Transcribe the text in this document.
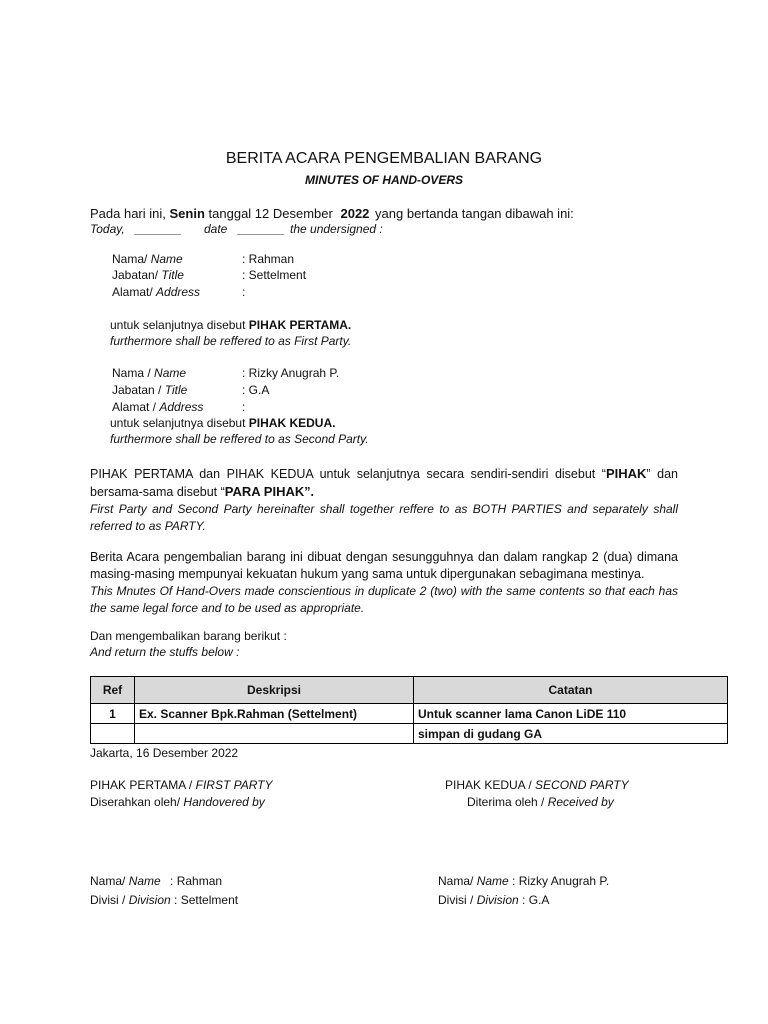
BERITA ACARA PENGEMBALIAN BARANG
MINUTES OF HAND-OVERS
Pada hari ini, Senin tanggal 12 Desember 2022 yang bertanda tangan dibawah ini:
Today, _______ date _______ the undersigned :
Nama/ Name	: Rahman
Jabatan/ Title	: Settelment
Alamat/ Address	:
untuk selanjutnya disebut PIHAK PERTAMA.
furthermore shall be reffered to as First Party.
Nama / Name	: Rizky Anugrah P.
Jabatan / Title	: G.A
Alamat / Address	:
untuk selanjutnya disebut PIHAK KEDUA.
furthermore shall be reffered to as Second Party.
PIHAK PERTAMA dan PIHAK KEDUA untuk selanjutnya secara sendiri-sendiri disebut “PIHAK” dan bersama-sama disebut “PARA PIHAK”.
First Party and Second Party hereinafter shall together reffere to as BOTH PARTIES and separately shall referred to as PARTY.
Berita Acara pengembalian barang ini dibuat dengan sesungguhnya dan dalam rangkap 2 (dua) dimana masing-masing mempunyai kekuatan hukum yang sama untuk dipergunakan sebagimana mestinya.
This Mnutes Of Hand-Overs made conscientious in duplicate 2 (two) with the same contents so that each has the same legal force and to be used as appropriate.
Dan mengembalikan barang berikut :
And return the stuffs below :
Ref	Deskripsi	Catatan
1	Ex. Scanner Bpk.Rahman (Settelment)	Untuk scanner lama Canon LiDE 110
		simpan di gudang GA
Jakarta, 16 Desember 2022
PIHAK PERTAMA / FIRST PARTY
Diserahkan oleh/ Handovered by
Nama/ Name : Rahman
Divisi / Division : Settelment
PIHAK KEDUA / SECOND PARTY
Diterima oleh / Received by
Nama/ Name : Rizky Anugrah P.
Divisi / Division : G.A
